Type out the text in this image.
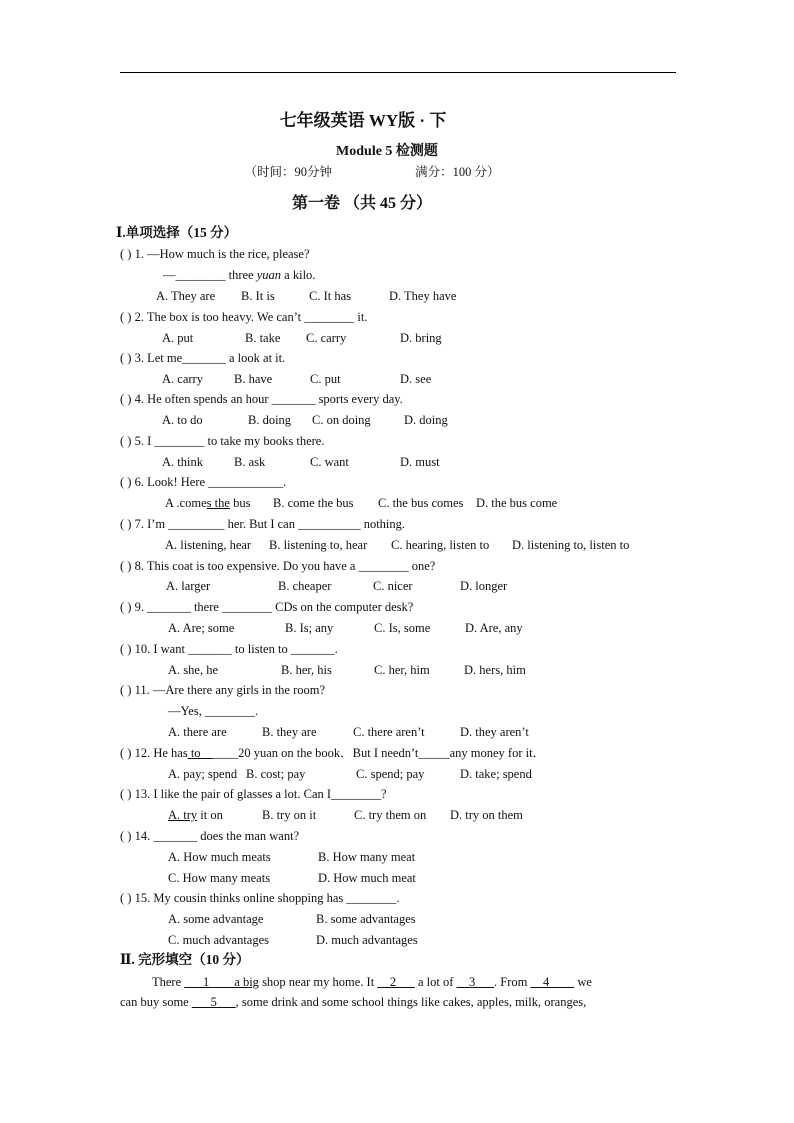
七年级英语 WY版 · 下
Module 5 检测题
（时间：90分钟	满分：100 分）
第一卷 （共 45 分）
Ⅰ.单项选择（15 分）
( ) 1. —How much is the rice, please?
—________ three yuan a kilo.
A. They are B. It is	C. It has	D. They have
( ) 2. The box is too heavy. We can’t ________ it.
A. put	B. take C. carry	D. bring
( ) 3. Let me_______ a look at it.
A. carry B. have	C. put	D. see
( ) 4. He often spends an hour _______ sports every day.
A. to do	B. doing C. on doing	D. doing
( ) 5. I ________ to take my books there.
A. think B. ask	C. want	D. must
( ) 6. Look! Here ____________.
A .comes the bus B. come the bus C. the bus comes D. the bus come
( ) 7. I’m _________ her. But I can __________ nothing.
A. listening, hear B. listening to, hear C. hearing, listen to D. listening to, listen to
( ) 8. This coat is too expensive. Do you have a ________ one?
A. larger	B. cheaper	C. nicer	D. longer
( ) 9. _______ there ________ CDs on the computer desk?
A. Are; some	B. Is; any	C. Is, some	D. Are, any
( ) 10. I want _______ to listen to _______.
A. she, he	B. her, his	C. her, him	D. hers, him
( ) 11. —Are there any girls in the room?
—Yes, ________.
A. there are	B. they are	C. there aren’t	D. they aren’t
( ) 12. He has to______20 yuan on the book．But I needn’t_____any money for it．
A. pay; spend B. cost; pay	C. spend; pay	D. take; spend
( ) 13. I like the pair of glasses a lot. Can I________?
A. try it on	B. try on it	C. try them on D. try on them
( ) 14. _______ does the man want?
A. How much meats	B. How many meat
C. How many meats	D. How much meat
( ) 15. My cousin thinks online shopping has ________.
A. some advantage	B. some advantages
C. much advantages	D. much advantages
Ⅱ. 完形填空（10 分）
There ___1____a big shop near my home. It __2___ a lot of __3___. From __4____ we
can buy some ___5___, some drink and some school things like cakes, apples, milk, oranges,
